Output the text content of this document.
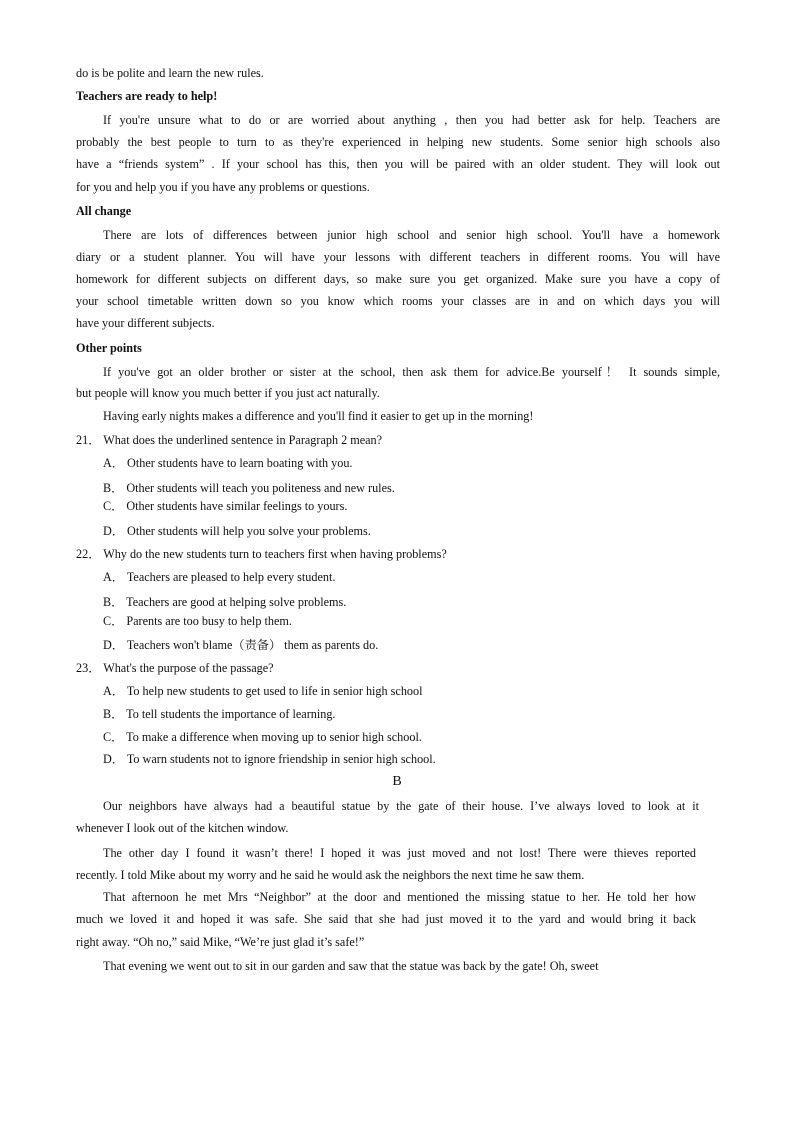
do is be polite and learn the new rules.
Teachers are ready to help!
If you're unsure what to do or are worried about anything , then you had better ask for help. Teachers are
probably the best people to turn to as they're experienced in helping new students. Some senior high schools also
have a “friends system” . If your school has this, then you will be paired with an older student. They will look out
for you and help you if you have any problems or questions.
All change
There are lots of differences between junior high school and senior high school. You'll have a homework
diary or a student planner. You will have your lessons with different teachers in different rooms. You will have
homework for different subjects on different days, so make sure you get organized. Make sure you have a copy of
your school timetable written down so you know which rooms your classes are in and on which days you will
have your different subjects.
Other points
If you've got an older brother or sister at the school, then ask them for advice.Be yourself！ It sounds simple,
but people will know you much better if you just act naturally.
Having early nights makes a difference and you'll find it easier to get up in the morning!
21． What does the underlined sentence in Paragraph 2 mean?
A． Other students have to learn boating with you.
B． Other students will teach you politeness and new rules.
C． Other students have similar feelings to yours.
D． Other students will help you solve your problems.
22． Why do the new students turn to teachers first when having problems?
A． Teachers are pleased to help every student.
B． Teachers are good at helping solve problems.
C． Parents are too busy to help them.
D． Teachers won't blame（责备） them as parents do.
23． What's the purpose of the passage?
A． To help new students to get used to life in senior high school
B． To tell students the importance of learning.
C． To make a difference when moving up to senior high school.
D． To warn students not to ignore friendship in senior high school.
B
Our neighbors have always had a beautiful statue by the gate of their house. I’ve always loved to look at it
whenever I look out of the kitchen window.
The other day I found it wasn’t there! I hoped it was just moved and not lost! There were thieves reported
recently. I told Mike about my worry and he said he would ask the neighbors the next time he saw them.
That afternoon he met Mrs “Neighbor” at the door and mentioned the missing statue to her. He told her how
much we loved it and hoped it was safe. She said that she had just moved it to the yard and would bring it back
right away. “Oh no,” said Mike, “We’re just glad it’s safe!”
That evening we went out to sit in our garden and saw that the statue was back by the gate! Oh, sweet
